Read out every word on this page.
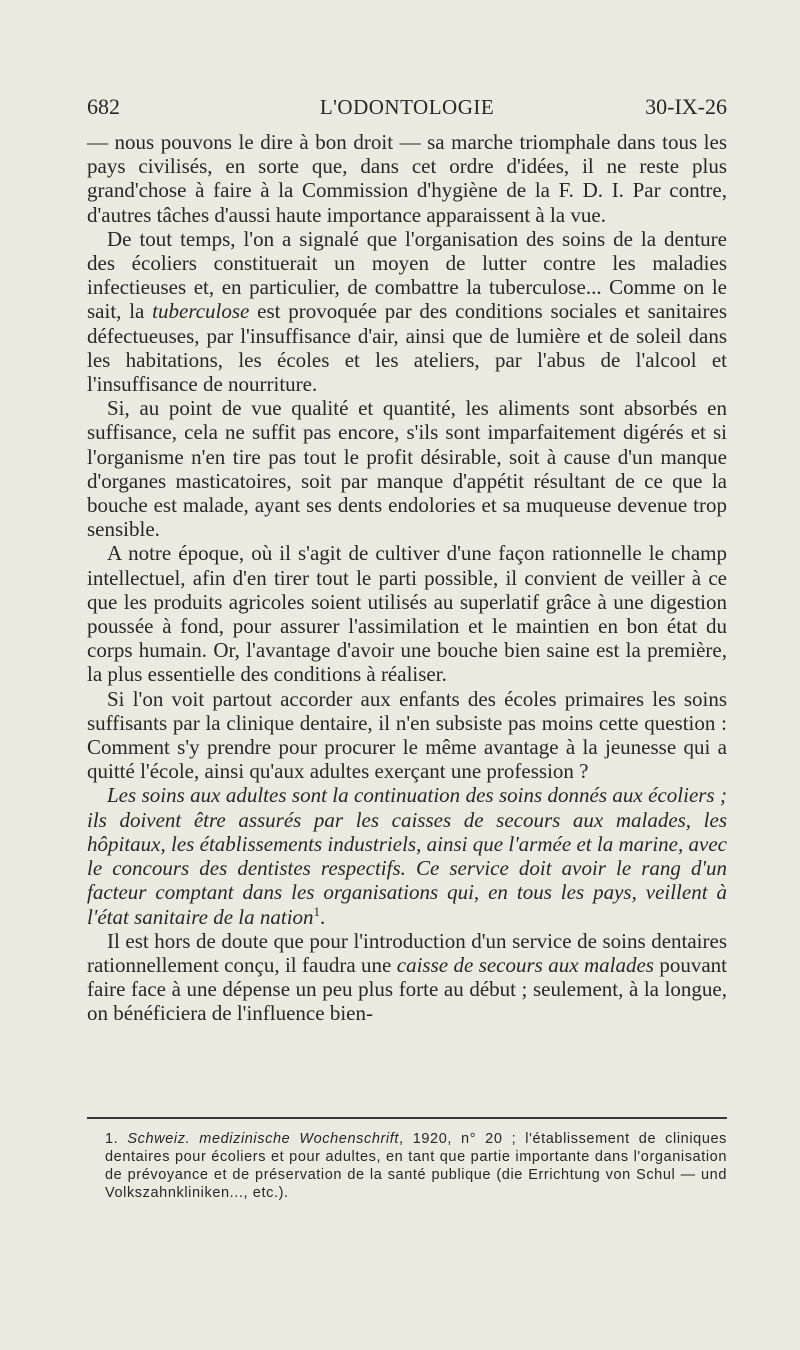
682	L'ODONTOLOGIE	30-IX-26

— nous pouvons le dire à bon droit — sa marche triomphale dans tous les pays civilisés, en sorte que, dans cet ordre d'idées, il ne reste plus grand'chose à faire à la Commission d'hygiène de la F. D. I. Par contre, d'autres tâches d'aussi haute importance apparaissent à la vue.

De tout temps, l'on a signalé que l'organisation des soins de la denture des écoliers constituerait un moyen de lutter contre les maladies infectieuses et, en particulier, de combattre la tuberculose... Comme on le sait, la tuberculose est provoquée par des conditions sociales et sanitaires défectueuses, par l'insuffisance d'air, ainsi que de lumière et de soleil dans les habitations, les écoles et les ateliers, par l'abus de l'alcool et l'insuffisance de nourriture.

Si, au point de vue qualité et quantité, les aliments sont absorbés en suffisance, cela ne suffit pas encore, s'ils sont imparfaitement digérés et si l'organisme n'en tire pas tout le profit désirable, soit à cause d'un manque d'organes masticatoires, soit par manque d'appétit résultant de ce que la bouche est malade, ayant ses dents endolories et sa muqueuse devenue trop sensible.

A notre époque, où il s'agit de cultiver d'une façon rationnelle le champ intellectuel, afin d'en tirer tout le parti possible, il convient de veiller à ce que les produits agricoles soient utilisés au superlatif grâce à une digestion poussée à fond, pour assurer l'assimilation et le maintien en bon état du corps humain. Or, l'avantage d'avoir une bouche bien saine est la première, la plus essentielle des conditions à réaliser.

Si l'on voit partout accorder aux enfants des écoles primaires les soins suffisants par la clinique dentaire, il n'en subsiste pas moins cette question : Comment s'y prendre pour procurer le même avantage à la jeunesse qui a quitté l'école, ainsi qu'aux adultes exerçant une profession ?

Les soins aux adultes sont la continuation des soins donnés aux écoliers ; ils doivent être assurés par les caisses de secours aux malades, les hôpitaux, les établissements industriels, ainsi que l'armée et la marine, avec le concours des dentistes respectifs. Ce service doit avoir le rang d'un facteur comptant dans les organisations qui, en tous les pays, veillent à l'état sanitaire de la nation$^1$.

Il est hors de doute que pour l'introduction d'un service de soins dentaires rationnellement conçu, il faudra une caisse de secours aux malades pouvant faire face à une dépense un peu plus forte au début ; seulement, à la longue, on bénéficiera de l'influence bien-

1. Schweiz. medizinische Wochenschrift, 1920, n° 20 ; l'établissement de cliniques dentaires pour écoliers et pour adultes, en tant que partie importante dans l'organisation de prévoyance et de préservation de la santé publique (die Errichtung von Schul — und Volkszahnkliniken..., etc.).
